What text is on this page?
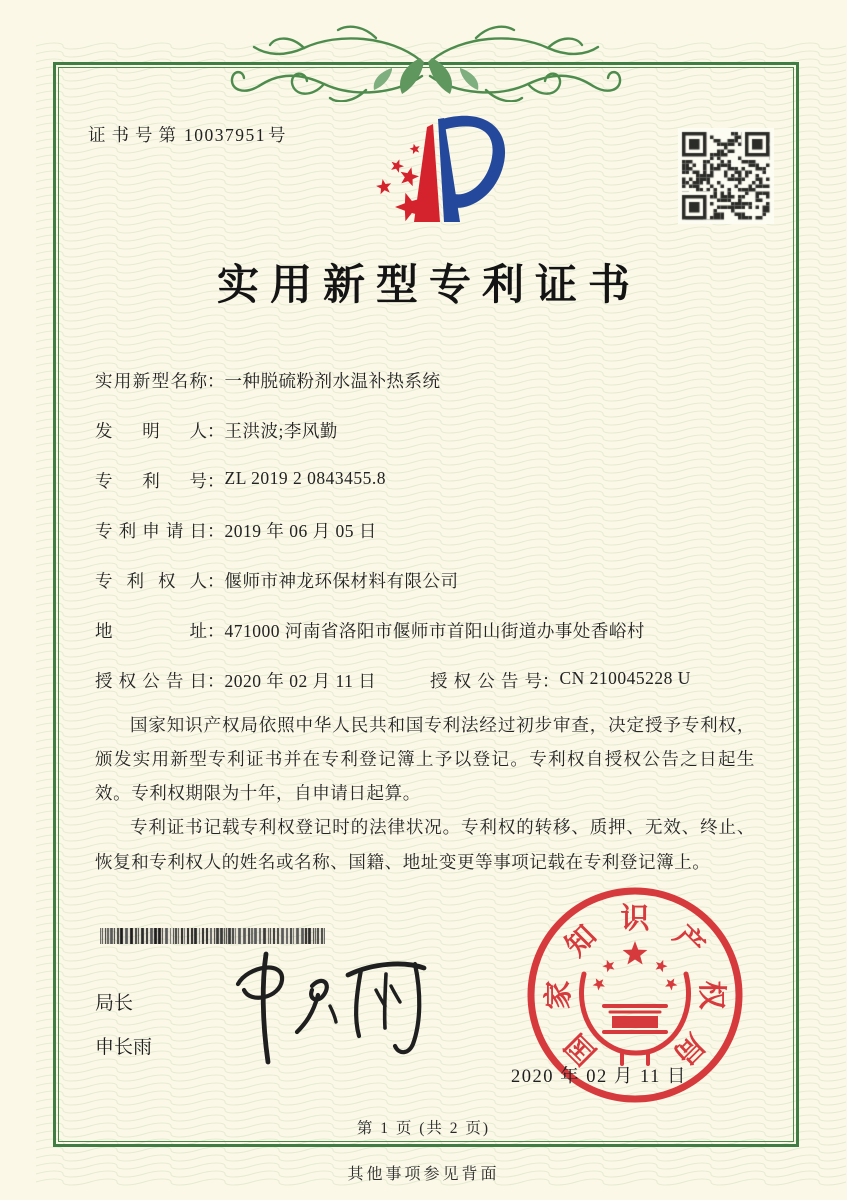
证书号第 10037951 号
实用新型专利证书
实用新型名称 ： 一种脱硫粉剂水温补热系统
发明人 ： 王洪波;李风勤
专利号 ： ZL 2019 2 0843455.8
专利申请日 ： 2019 年 06 月 05 日
专利权人 ： 偃师市神龙环保材料有限公司
地址 ： 471000 河南省洛阳市偃师市首阳山街道办事处香峪村
授权公告日 ： 2020 年 02 月 11 日	授权公告号 ： CN 210045228 U

国家知识产权局依照中华人民共和国专利法经过初步审查，决定授予专利权，颁发实用新型专利证书并在专利登记簿上予以登记。专利权自授权公告之日起生效。专利权期限为十年，自申请日起算。

专利证书记载专利权登记时的法律状况。专利权的转移、质押、无效、终止、恢复和专利权人的姓名或名称、国籍、地址变更等事项记载在专利登记簿上。

局长
申长雨	国
家
知
识
产
权
局
2020 年 02 月 11 日
第 1 页 (共 2 页)
其他事项参见背面
